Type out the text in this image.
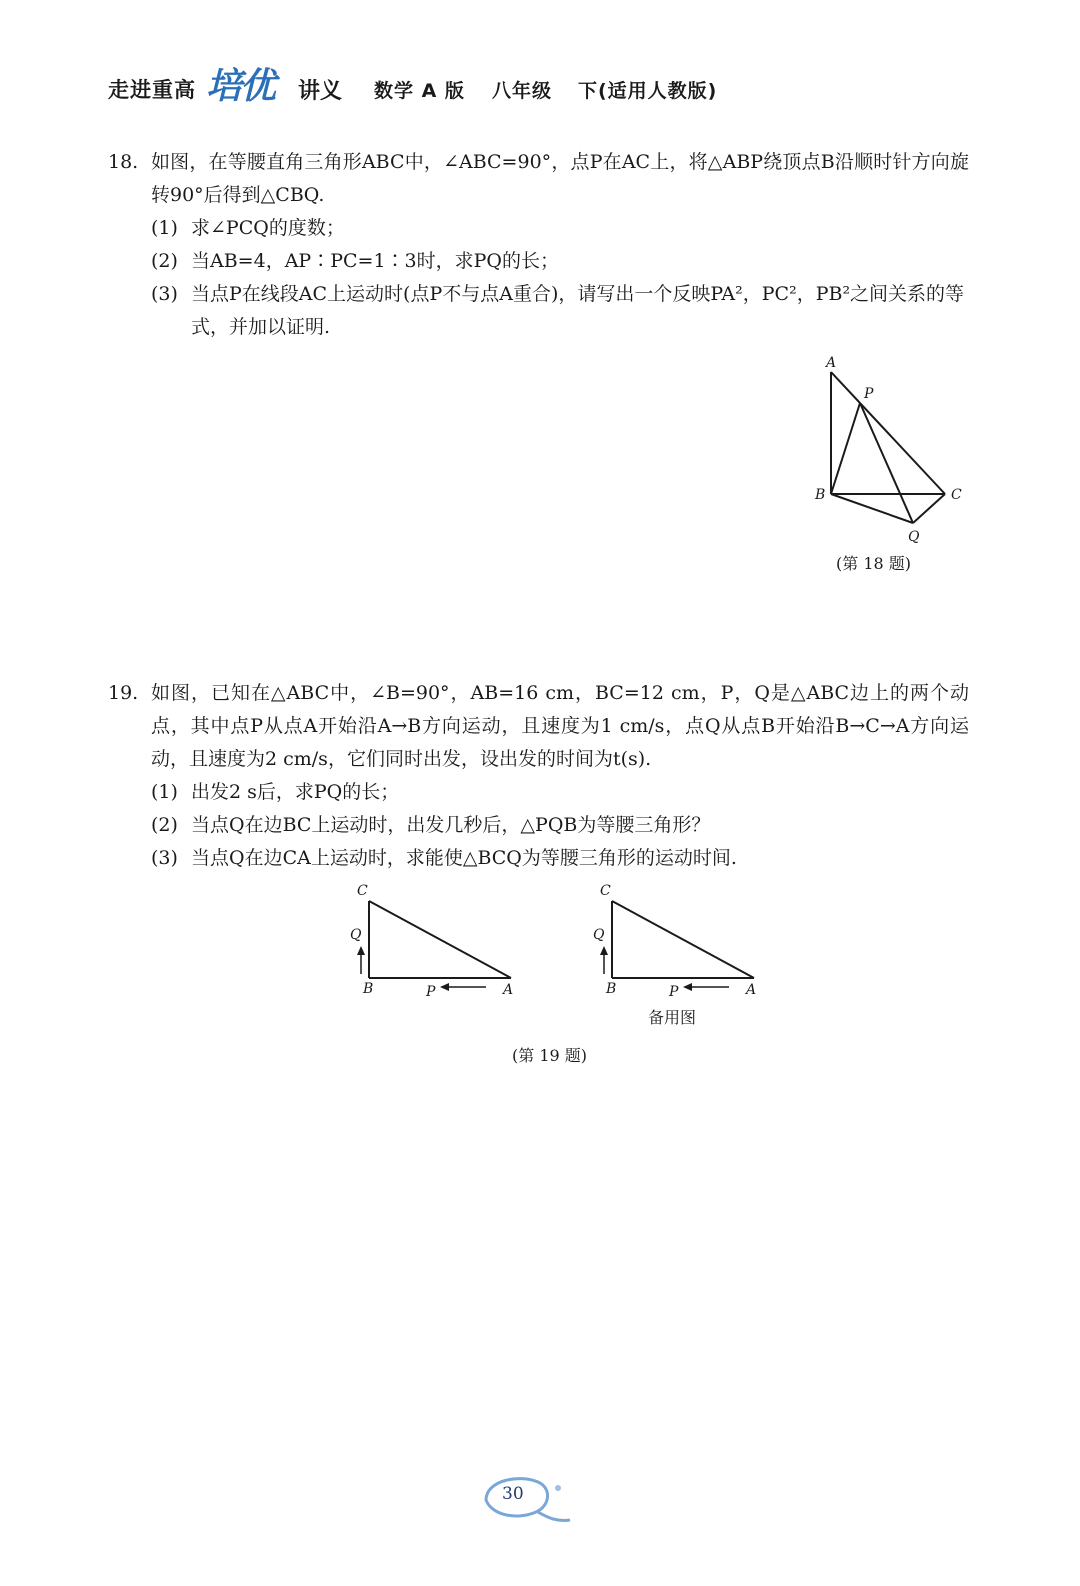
走进重高 培优 讲义 数学 A 版 八年级 下(适用人教版)
18. 如图，在等腰直角三角形ABC中，∠ABC=90°，点P在AC上，将△ABP绕顶点B沿顺时针方向旋转90°后得到△CBQ.
(1) 求∠PCQ的度数；
(2) 当AB=4，AP∶PC=1∶3时，求PQ的长；
(3) 当点P在线段AC上运动时(点P不与点A重合)，请写出一个反映PA²，PC²，PB²之间关系的等式，并加以证明.
A
P
B	C
Q
(第 18 题)
19. 如图，已知在△ABC中，∠B=90°，AB=16 cm，BC=12 cm，P，Q是△ABC边上的两个动点，其中点P从点A开始沿A→B方向运动，且速度为1 cm/s，点Q从点B开始沿B→C→A方向运动，且速度为2 cm/s，它们同时出发，设出发的时间为t(s).
(1) 出发2 s后，求PQ的长；
(2) 当点Q在边BC上运动时，出发几秒后，△PQB为等腰三角形？
(3) 当点Q在边CA上运动时，求能使△BCQ为等腰三角形的运动时间.
C
Q
B	P	A
C
Q
B	P	A
备用图
(第 19 题)
30
